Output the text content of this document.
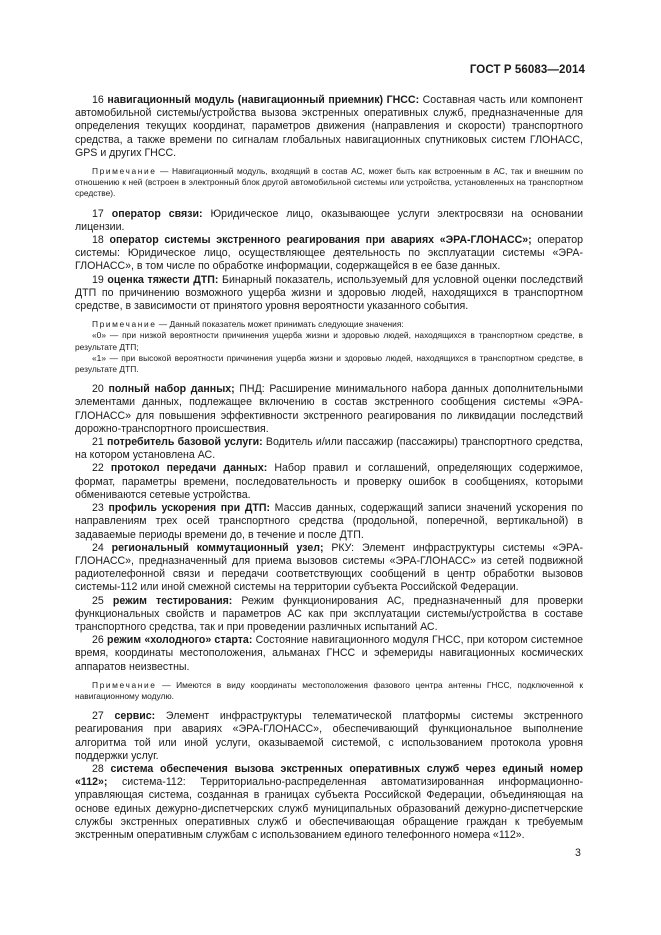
ГОСТ Р 56083—2014

16 навигационный модуль (навигационный приемник) ГНСС: Составная часть или компонент автомобильной системы/устройства вызова экстренных оперативных служб, предназначенные для определения текущих координат, параметров движения (направления и скорости) транспортного средства, а также времени по сигналам глобальных навигационных спутниковых систем ГЛОНАСС, GPS и других ГНСС.

Примечание — Навигационный модуль, входящий в состав АС, может быть как встроенным в АС, так и внешним по отношению к ней (встроен в электронный блок другой автомобильной системы или устройства, установленных на транспортном средстве).

17 оператор связи: Юридическое лицо, оказывающее услуги электросвязи на основании лицензии.

18 оператор системы экстренного реагирования при авариях «ЭРА-ГЛОНАСС»; оператор системы: Юридическое лицо, осуществляющее деятельность по эксплуатации системы «ЭРА-ГЛОНАСС», в том числе по обработке информации, содержащейся в ее базе данных.

19 оценка тяжести ДТП: Бинарный показатель, используемый для условной оценки последствий ДТП по причинению возможного ущерба жизни и здоровью людей, находящихся в транспортном средстве, в зависимости от принятого уровня вероятности указанного события.

Примечание — Данный показатель может принимать следующие значения:

«0» — при низкой вероятности причинения ущерба жизни и здоровью людей, находящихся в транспортном средстве, в результате ДТП;

«1» — при высокой вероятности причинения ущерба жизни и здоровью людей, находящихся в транспортном средстве, в результате ДТП.

20 полный набор данных; ПНД: Расширение минимального набора данных дополнительными элементами данных, подлежащее включению в состав экстренного сообщения системы «ЭРА-ГЛОНАСС» для повышения эффективности экстренного реагирования по ликвидации последствий дорожно-транспортного происшествия.

21 потребитель базовой услуги: Водитель и/или пассажир (пассажиры) транспортного средства, на котором установлена АС.

22 протокол передачи данных: Набор правил и соглашений, определяющих содержимое, формат, параметры времени, последовательность и проверку ошибок в сообщениях, которыми обмениваются сетевые устройства.

23 профиль ускорения при ДТП: Массив данных, содержащий записи значений ускорения по направлениям трех осей транспортного средства (продольной, поперечной, вертикальной) в задаваемые периоды времени до, в течение и после ДТП.

24 региональный коммутационный узел; РКУ: Элемент инфраструктуры системы «ЭРА-ГЛОНАСС», предназначенный для приема вызовов системы «ЭРА-ГЛОНАСС» из сетей подвижной радиотелефонной связи и передачи соответствующих сообщений в центр обработки вызовов системы-112 или иной смежной системы на территории субъекта Российской Федерации.

25 режим тестирования: Режим функционирования АС, предназначенный для проверки функциональных свойств и параметров АС как при эксплуатации системы/устройства в составе транспортного средства, так и при проведении различных испытаний АС.

26 режим «холодного» старта: Состояние навигационного модуля ГНСС, при котором системное время, координаты местоположения, альманах ГНСС и эфемериды навигационных космических аппаратов неизвестны.

Примечание — Имеются в виду координаты местоположения фазового центра антенны ГНСС, подключенной к навигационному модулю.

27 сервис: Элемент инфраструктуры телематической платформы системы экстренного реагирования при авариях «ЭРА-ГЛОНАСС», обеспечивающий функциональное выполнение алгоритма той или иной услуги, оказываемой системой, с использованием протокола уровня поддержки услуг.

28 система обеспечения вызова экстренных оперативных служб через единый номер «112»; система-112: Территориально-распределенная автоматизированная информационно-управляющая система, созданная в границах субъекта Российской Федерации, объединяющая на основе единых дежурно-диспетчерских служб муниципальных образований дежурно-диспетчерские службы экстренных оперативных служб и обеспечивающая обращение граждан к требуемым экстренным оперативным службам с использованием единого телефонного номера «112».

3
